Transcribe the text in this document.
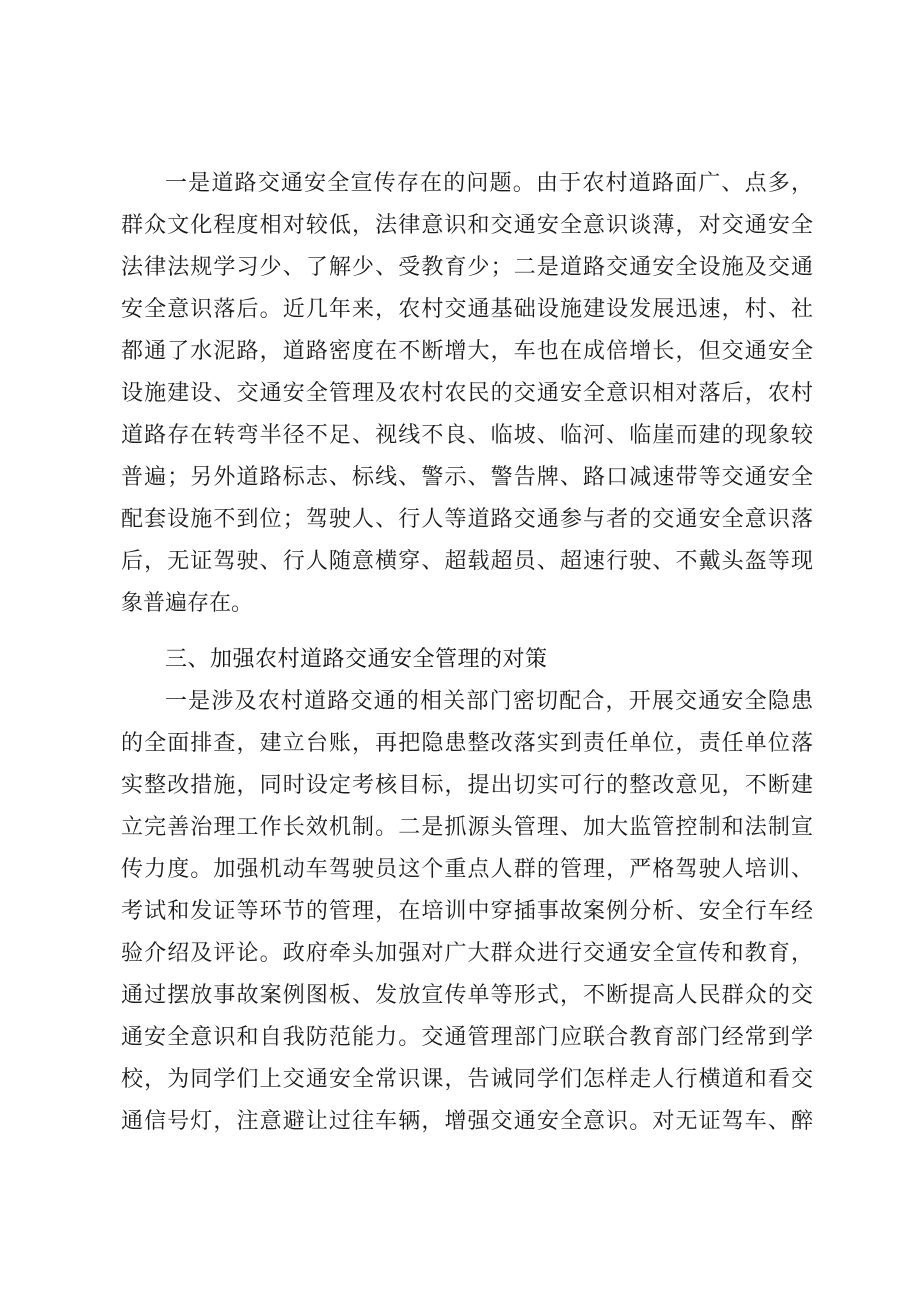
一是道路交通安全宣传存在的问题。由于农村道路面广、点多，
群众文化程度相对较低，法律意识和交通安全意识谈薄，对交通安全
法律法规学习少、了解少、受教育少；二是道路交通安全设施及交通
安全意识落后。近几年来，农村交通基础设施建设发展迅速，村、社
都通了水泥路，道路密度在不断增大，车也在成倍增长，但交通安全
设施建设、交通安全管理及农村农民的交通安全意识相对落后，农村
道路存在转弯半径不足、视线不良、临坡、临河、临崖而建的现象较
普遍；另外道路标志、标线、警示、警告牌、路口减速带等交通安全
配套设施不到位；驾驶人、行人等道路交通参与者的交通安全意识落
后，无证驾驶、行人随意横穿、超载超员、超速行驶、不戴头盔等现
象普遍存在。
三、加强农村道路交通安全管理的对策
一是涉及农村道路交通的相关部门密切配合，开展交通安全隐患
的全面排查，建立台账，再把隐患整改落实到责任单位，责任单位落
实整改措施，同时设定考核目标，提出切实可行的整改意见，不断建
立完善治理工作长效机制。二是抓源头管理、加大监管控制和法制宣
传力度。加强机动车驾驶员这个重点人群的管理，严格驾驶人培训、
考试和发证等环节的管理，在培训中穿插事故案例分析、安全行车经
验介绍及评论。政府牵头加强对广大群众进行交通安全宣传和教育，
通过摆放事故案例图板、发放宣传单等形式，不断提高人民群众的交
通安全意识和自我防范能力。交通管理部门应联合教育部门经常到学
校，为同学们上交通安全常识课，告诫同学们怎样走人行横道和看交
通信号灯，注意避让过往车辆，增强交通安全意识。对无证驾车、醉
